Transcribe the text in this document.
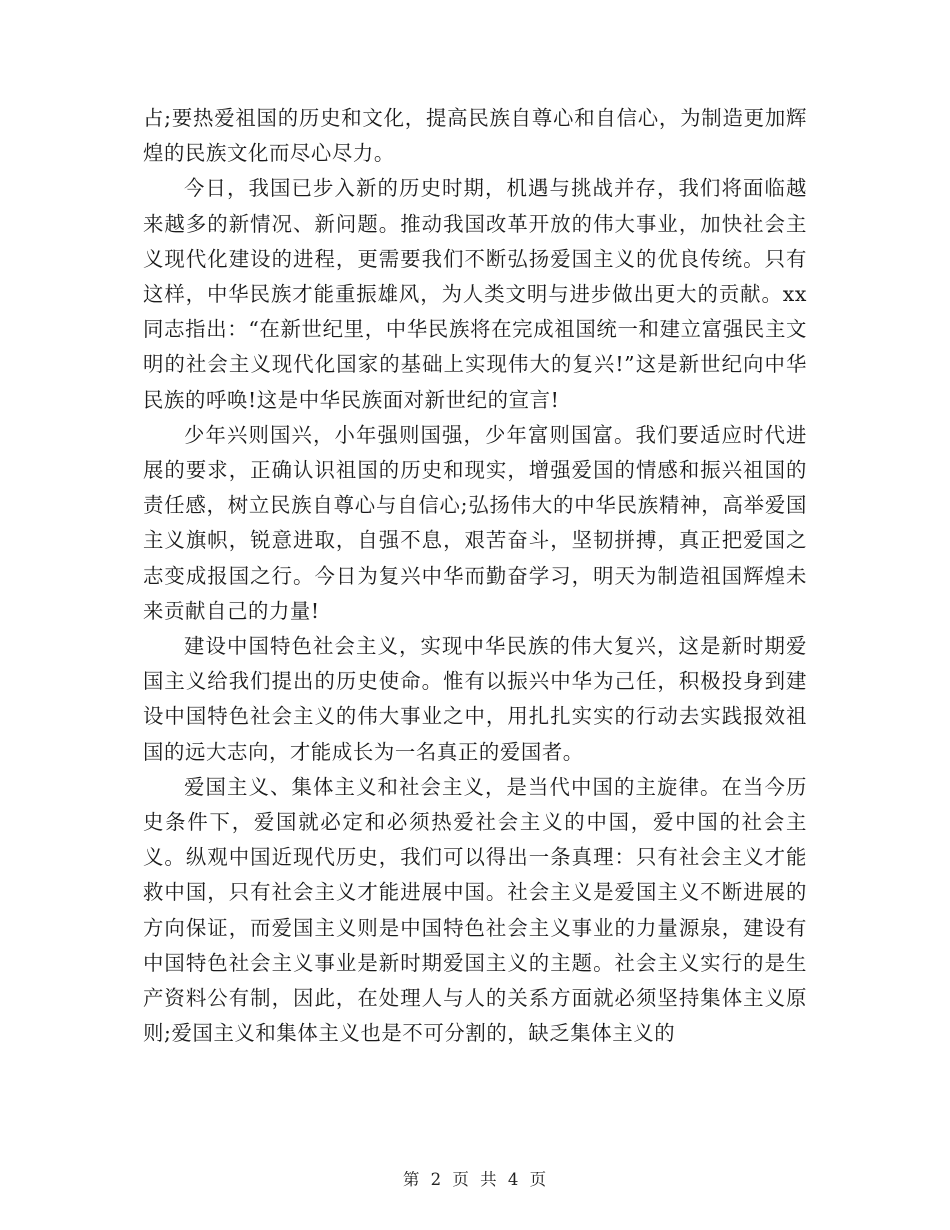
占;要热爱祖国的历史和文化，提高民族自尊心和自信心，为制造更加辉煌的民族文化而尽心尽力。

今日，我国已步入新的历史时期，机遇与挑战并存，我们将面临越来越多的新情况、新问题。推动我国改革开放的伟大事业，加快社会主义现代化建设的进程，更需要我们不断弘扬爱国主义的优良传统。只有这样，中华民族才能重振雄风，为人类文明与进步做出更大的贡献。xx同志指出：“在新世纪里，中华民族将在完成祖国统一和建立富强民主文明的社会主义现代化国家的基础上实现伟大的复兴!”这是新世纪向中华民族的呼唤!这是中华民族面对新世纪的宣言!

少年兴则国兴，小年强则国强，少年富则国富。我们要适应时代进展的要求，正确认识祖国的历史和现实，增强爱国的情感和振兴祖国的责任感，树立民族自尊心与自信心;弘扬伟大的中华民族精神，高举爱国主义旗帜，锐意进取，自强不息，艰苦奋斗，坚韧拼搏，真正把爱国之志变成报国之行。今日为复兴中华而勤奋学习，明天为制造祖国辉煌未来贡献自己的力量!

建设中国特色社会主义，实现中华民族的伟大复兴，这是新时期爱国主义给我们提出的历史使命。惟有以振兴中华为己任，积极投身到建设中国特色社会主义的伟大事业之中，用扎扎实实的行动去实践报效祖国的远大志向，才能成长为一名真正的爱国者。

爱国主义、集体主义和社会主义，是当代中国的主旋律。在当今历史条件下，爱国就必定和必须热爱社会主义的中国，爱中国的社会主义。纵观中国近现代历史，我们可以得出一条真理：只有社会主义才能救中国，只有社会主义才能进展中国。社会主义是爱国主义不断进展的方向保证，而爱国主义则是中国特色社会主义事业的力量源泉，建设有中国特色社会主义事业是新时期爱国主义的主题。社会主义实行的是生产资料公有制，因此，在处理人与人的关系方面就必须坚持集体主义原则;爱国主义和集体主义也是不可分割的，缺乏集体主义的

第 2 页 共 4 页
